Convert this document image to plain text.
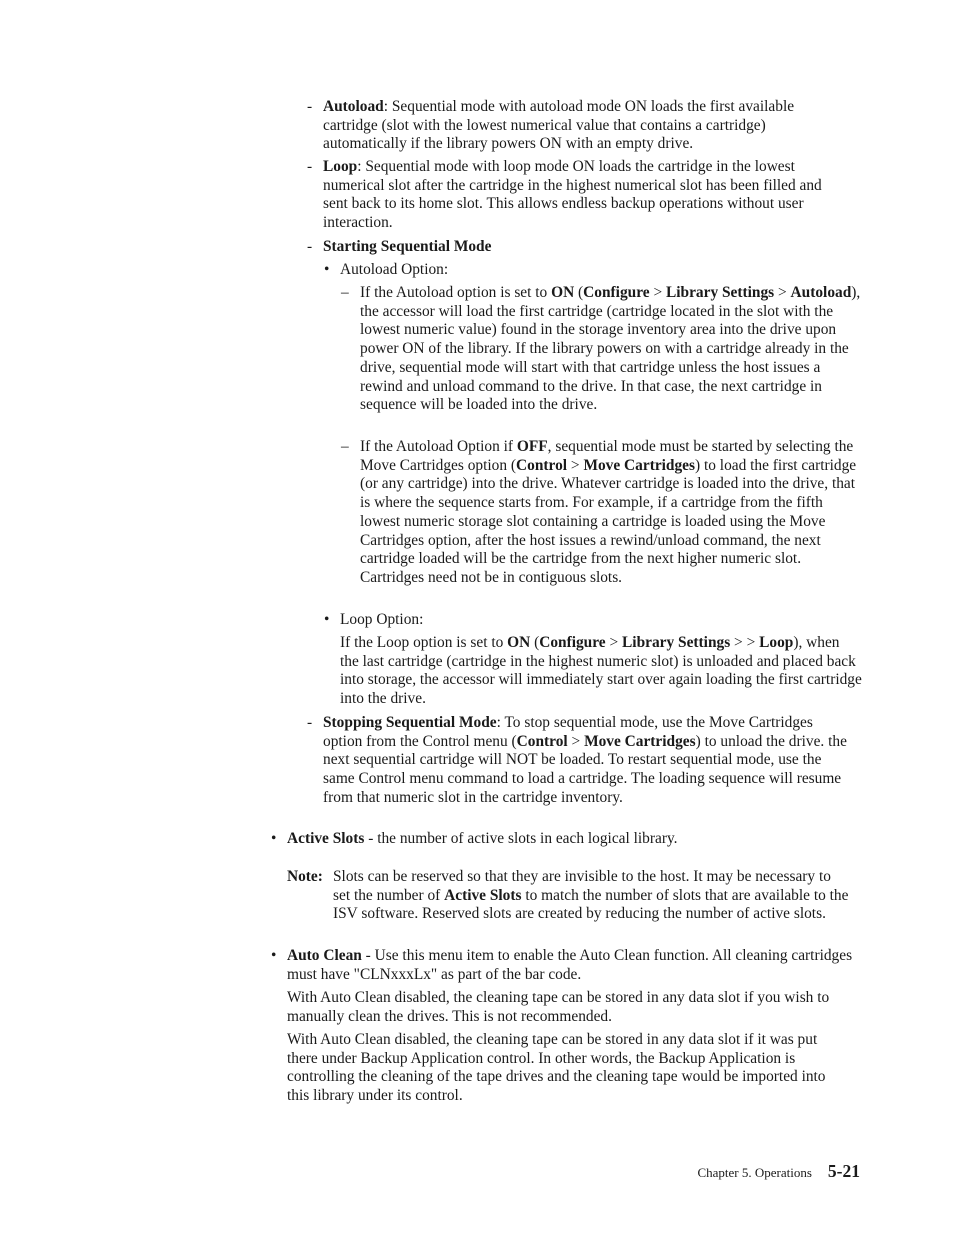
- Autoload: Sequential mode with autoload mode ON loads the first available cartridge (slot with the lowest numerical value that contains a cartridge) automatically if the library powers ON with an empty drive.

- Loop: Sequential mode with loop mode ON loads the cartridge in the lowest numerical slot after the cartridge in the highest numerical slot has been filled and sent back to its home slot. This allows endless backup operations without user interaction.

- Starting Sequential Mode

• Autoload Option:

– If the Autoload option is set to ON (Configure > Library Settings > Autoload), the accessor will load the first cartridge (cartridge located in the slot with the lowest numeric value) found in the storage inventory area into the drive upon power ON of the library. If the library powers on with a cartridge already in the drive, sequential mode will start with that cartridge unless the host issues a rewind and unload command to the drive. In that case, the next cartridge in sequence will be loaded into the drive.

– If the Autoload Option if OFF, sequential mode must be started by selecting the Move Cartridges option (Control > Move Cartridges) to load the first cartridge (or any cartridge) into the drive. Whatever cartridge is loaded into the drive, that is where the sequence starts from. For example, if a cartridge from the fifth lowest numeric storage slot containing a cartridge is loaded using the Move Cartridges option, after the host issues a rewind/unload command, the next cartridge loaded will be the cartridge from the next higher numeric slot. Cartridges need not be in contiguous slots.

• Loop Option:

If the Loop option is set to ON (Configure > Library Settings > > Loop), when the last cartridge (cartridge in the highest numeric slot) is unloaded and placed back into storage, the accessor will immediately start over again loading the first cartridge into the drive.

- Stopping Sequential Mode: To stop sequential mode, use the Move Cartridges option from the Control menu (Control > Move Cartridges) to unload the drive. the next sequential cartridge will NOT be loaded. To restart sequential mode, use the same Control menu command to load a cartridge. The loading sequence will resume from that numeric slot in the cartridge inventory.

• Active Slots - the number of active slots in each logical library.

Note: Slots can be reserved so that they are invisible to the host. It may be necessary to set the number of Active Slots to match the number of slots that are available to the ISV software. Reserved slots are created by reducing the number of active slots.

• Auto Clean - Use this menu item to enable the Auto Clean function. All cleaning cartridges must have "CLNxxxLx" as part of the bar code.

With Auto Clean disabled, the cleaning tape can be stored in any data slot if you wish to manually clean the drives. This is not recommended.

With Auto Clean disabled, the cleaning tape can be stored in any data slot if it was put there under Backup Application control. In other words, the Backup Application is controlling the cleaning of the tape drives and the cleaning tape would be imported into this library under its control.

Chapter 5. Operations 5-21
